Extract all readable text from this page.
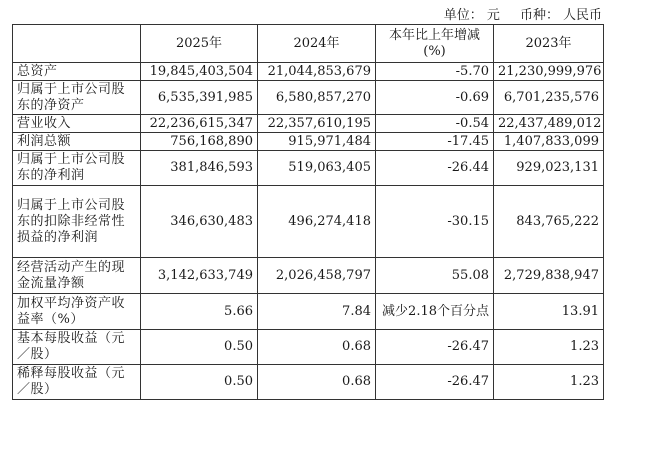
单位： 元 币种： 人民币
	2025年	2024年	本年比上年增减(%)	2023年
总资产	19,845,403,504	21,044,853,679	-5.70	21,230,999,976
归属于上市公司股东的净资产	6,535,391,985	6,580,857,270	-0.69	6,701,235,576
营业收入	22,236,615,347	22,357,610,195	-0.54	22,437,489,012
利润总额	756,168,890	915,971,484	-17.45	1,407,833,099
归属于上市公司股东的净利润	381,846,593	519,063,405	-26.44	929,023,131
归属于上市公司股东的扣除非经常性损益的净利润	346,630,483	496,274,418	-30.15	843,765,222
经营活动产生的现金流量净额	3,142,633,749	2,026,458,797	55.08	2,729,838,947
加权平均净资产收益率（%）	5.66	7.84	减少2.18个百分点	13.91
基本每股收益（元／股）	0.50	0.68	-26.47	1.23
稀释每股收益（元／股）	0.50	0.68	-26.47	1.23
